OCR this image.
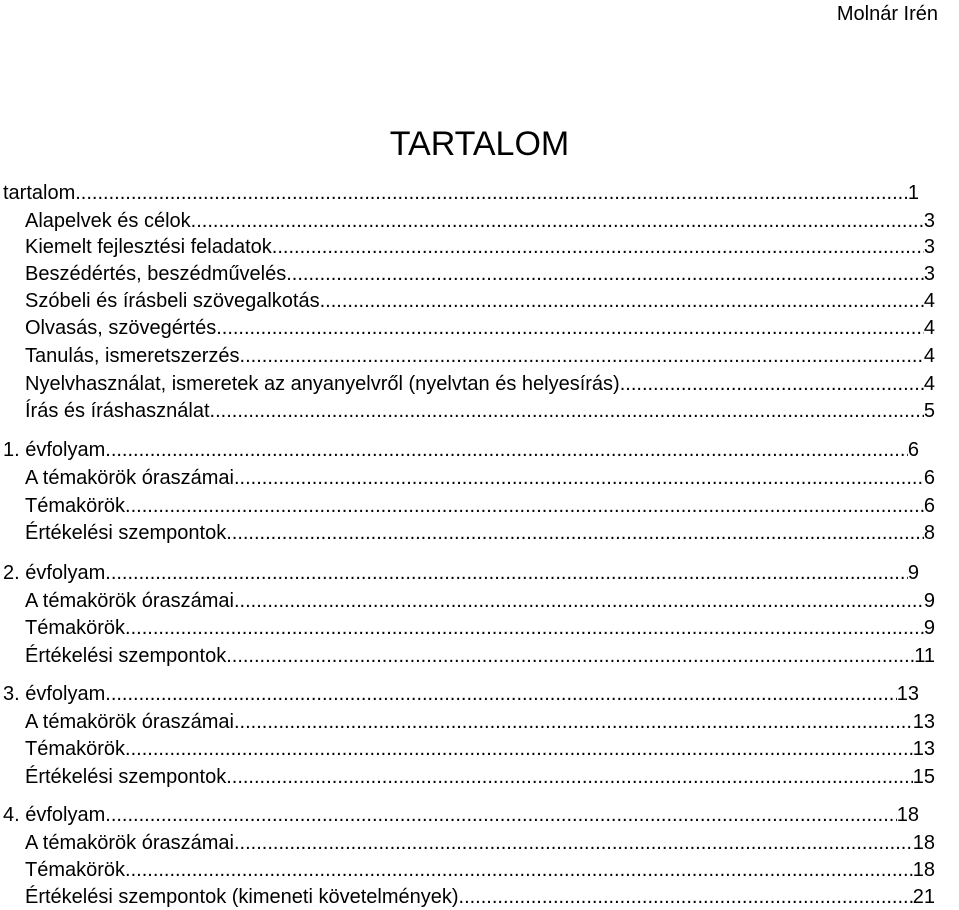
Molnár Irén
TARTALOM
tartalom .....	1
Alapelvek és célok .....	3
Kiemelt fejlesztési feladatok .....	3
Beszédértés, beszédművelés .....	3
Szóbeli és írásbeli szövegalkotás .....	4
Olvasás, szövegértés .....	4
Tanulás, ismeretszerzés .....	4
Nyelvhasználat, ismeretek az anyanyelvről (nyelvtan és helyesírás) .....	4
Írás és íráshasználat .....	5
1. évfolyam .....	6
A témakörök óraszámai .....	6
Témakörök .....	6
Értékelési szempontok .....	8
2. évfolyam .....	9
A témakörök óraszámai .....	9
Témakörök .....	9
Értékelési szempontok .....	11
3. évfolyam .....	13
A témakörök óraszámai .....	13
Témakörök .....	13
Értékelési szempontok .....	15
4. évfolyam .....	18
A témakörök óraszámai .....	18
Témakörök .....	18
Értékelési szempontok (kimeneti követelmények) .....	21
